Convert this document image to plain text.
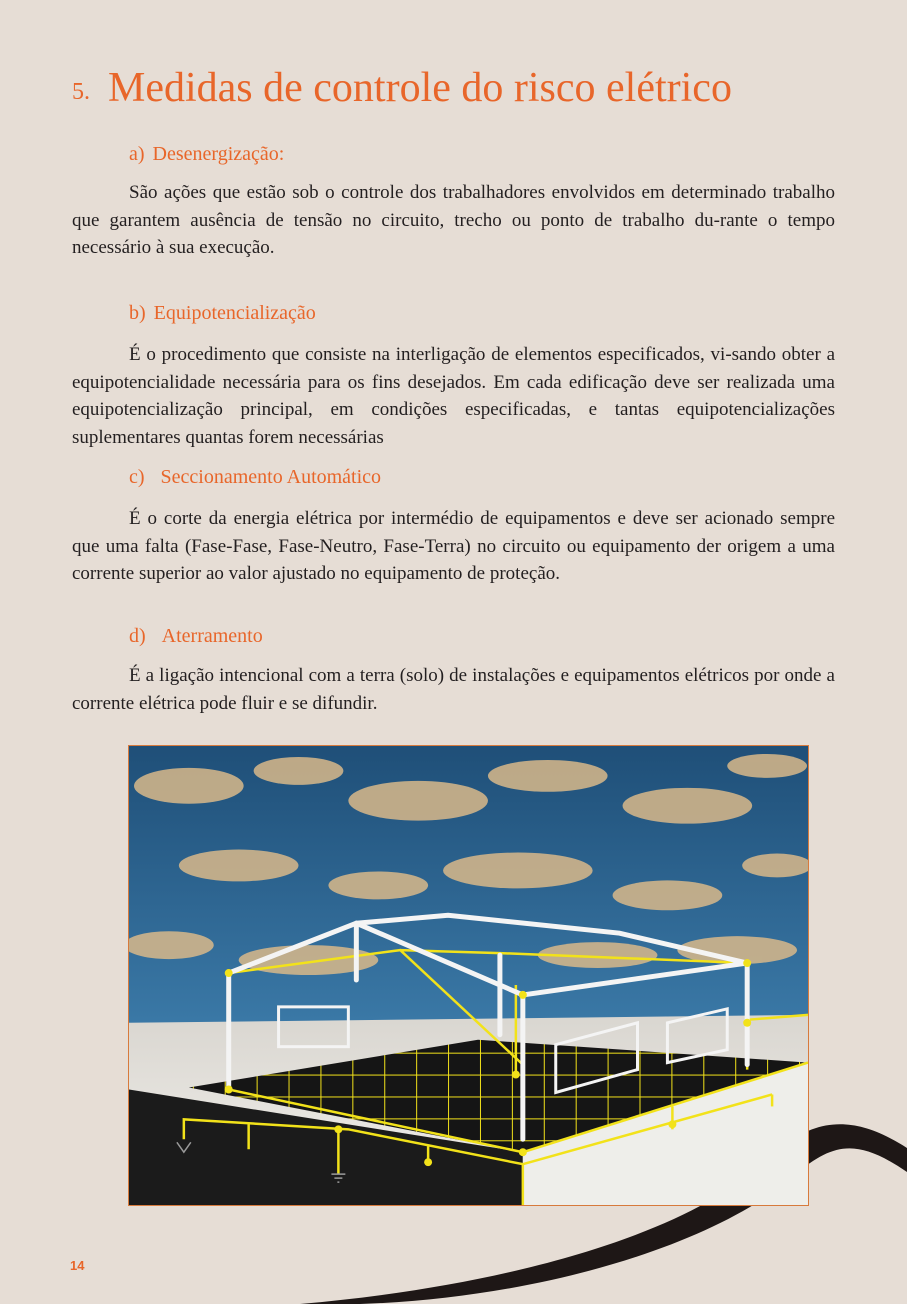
5. Medidas de controle do risco elétrico
a) Desenergização:

São ações que estão sob o controle dos trabalhadores envolvidos em determinado trabalho que garantem ausência de tensão no circuito, trecho ou ponto de trabalho du-rante o tempo necessário à sua execução.

b) Equipotencialização

É o procedimento que consiste na interligação de elementos especificados, vi-sando obter a equipotencialidade necessária para os fins desejados. Em cada edificação deve ser realizada uma equipotencialização principal, em condições especificadas, e tantas equipotencializações suplementares quantas forem necessárias

c) Seccionamento Automático

É o corte da energia elétrica por intermédio de equipamentos e deve ser acionado sempre que uma falta (Fase-Fase, Fase-Neutro, Fase-Terra) no circuito ou equipamento der origem a uma corrente superior ao valor ajustado no equipamento de proteção.

d) Aterramento

É a ligação intencional com a terra (solo) de instalações e equipamentos elétricos por onde a corrente elétrica pode fluir e se difundir.

14
